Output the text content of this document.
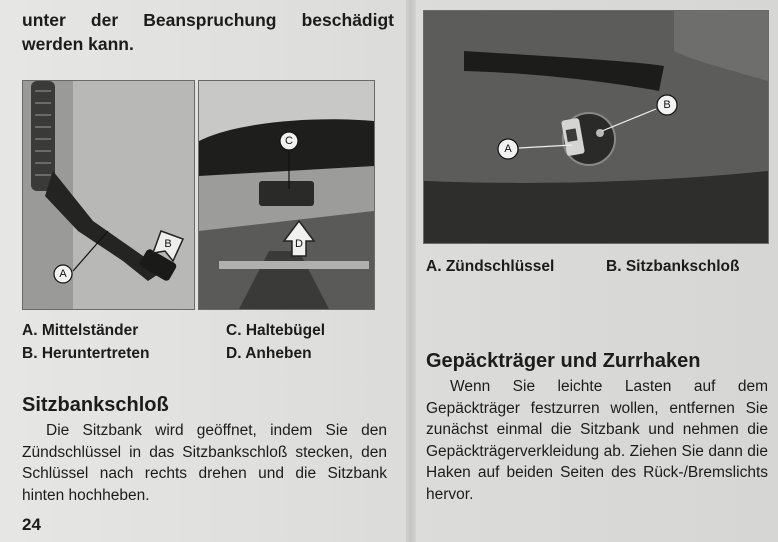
unter der Beanspruchung beschädigt werden kann.

A
B
C
D
A. Mittelständer
B. Heruntertreten
C. Haltebügel
D. Anheben
Sitzbankschloß
Die Sitzbank wird geöffnet, indem Sie den Zündschlüssel in das Sitzbankschloß stecken, den Schlüssel nach rechts drehen und die Sitzbank hinten hochheben.
24
A
B
A. Zündschlüssel	B. Sitzbankschloß
Gepäckträger und Zurrhaken
Wenn Sie leichte Lasten auf dem Gepäckträger festzurren wollen, entfernen Sie zunächst einmal die Sitzbank und nehmen die Gepäckträgerverkleidung ab. Ziehen Sie dann die Haken auf beiden Seiten des Rück-/Bremslichts hervor.
